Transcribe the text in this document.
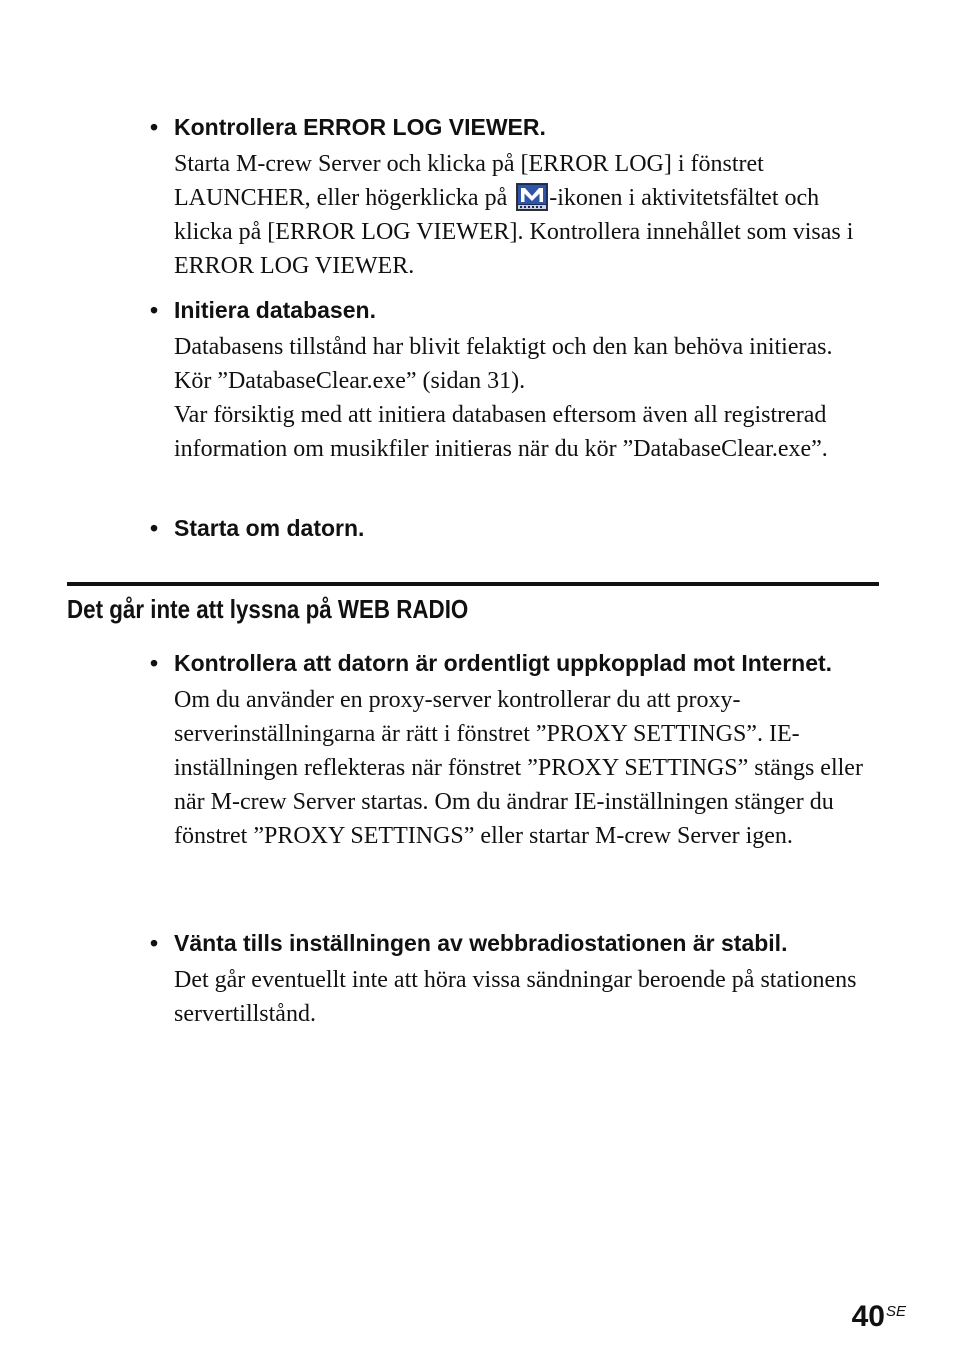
• Kontrollera ERROR LOG VIEWER.
Starta M-crew Server och klicka på [ERROR LOG] i fönstret LAUNCHER, eller högerklicka på -ikonen i aktivitetsfältet och klicka på [ERROR LOG VIEWER]. Kontrollera innehållet som visas i ERROR LOG VIEWER.
• Initiera databasen.
Databasens tillstånd har blivit felaktigt och den kan behöva initieras. Kör ”DatabaseClear.exe” (sidan 31).
Var försiktig med att initiera databasen eftersom även all registrerad information om musikfiler initieras när du kör ”DatabaseClear.exe”.
• Starta om datorn.
Det går inte att lyssna på WEB RADIO
• Kontrollera att datorn är ordentligt uppkopplad mot Internet.
Om du använder en proxy-server kontrollerar du att proxy-serverinställningarna är rätt i fönstret ”PROXY SETTINGS”. IE-inställningen reflekteras när fönstret ”PROXY SETTINGS” stängs eller när M-crew Server startas. Om du ändrar IE-inställningen stänger du fönstret ”PROXY SETTINGS” eller startar M-crew Server igen.
• Vänta tills inställningen av webbradiostationen är stabil.
Det går eventuellt inte att höra vissa sändningar beroende på stationens servertillstånd.
40SE
